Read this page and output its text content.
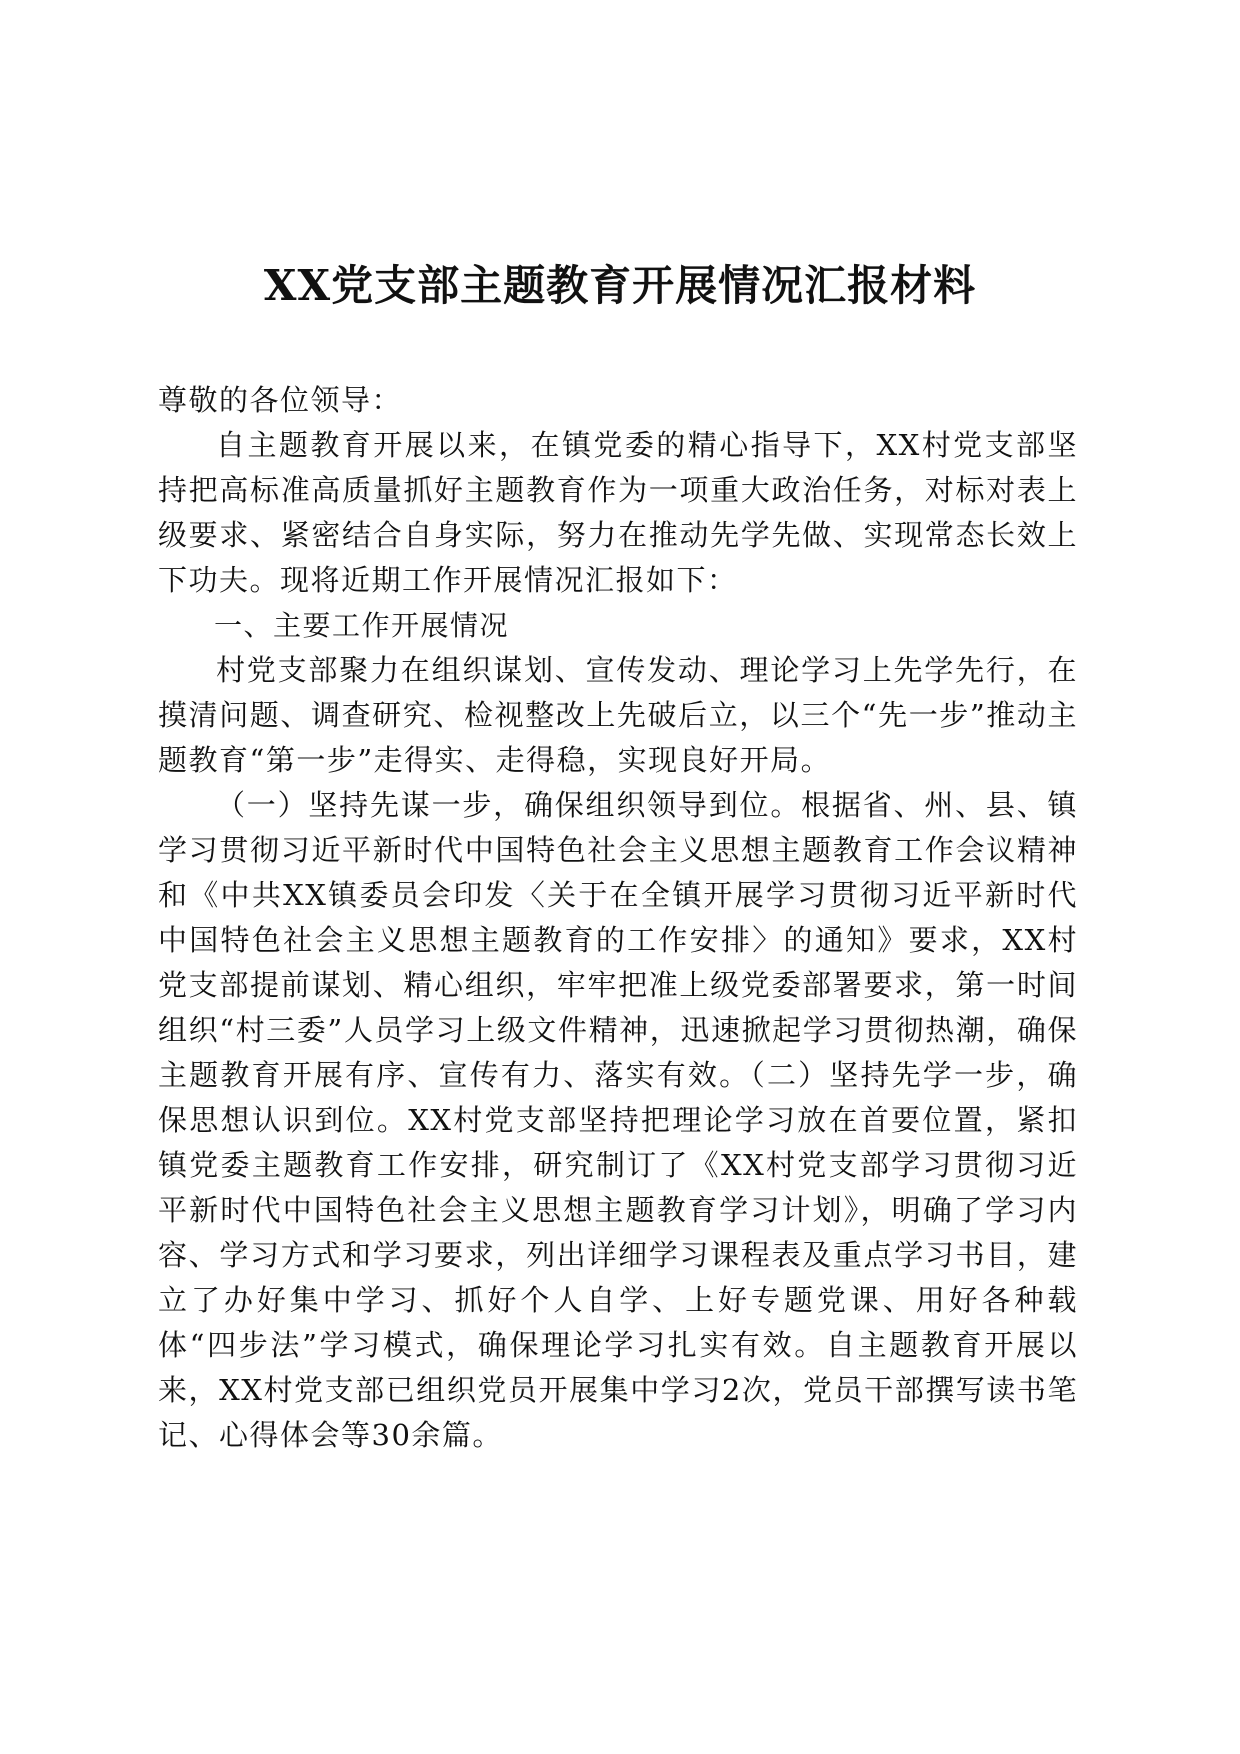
XX党支部主题教育开展情况汇报材料

尊敬的各位领导：

自主题教育开展以来，在镇党委的精心指导下，XX村党支部坚持把高标准高质量抓好主题教育作为一项重大政治任务，对标对表上级要求、紧密结合自身实际，努力在推动先学先做、实现常态长效上下功夫。现将近期工作开展情况汇报如下：

一、主要工作开展情况

村党支部聚力在组织谋划、宣传发动、理论学习上先学先行，在摸清问题、调查研究、检视整改上先破后立，以三个“先一步”推动主题教育“第一步”走得实、走得稳，实现良好开局。

（一）坚持先谋一步，确保组织领导到位。根据省、州、县、镇学习贯彻习近平新时代中国特色社会主义思想主题教育工作会议精神和《中共XX镇委员会印发〈关于在全镇开展学习贯彻习近平新时代中国特色社会主义思想主题教育的工作安排〉的通知》要求，XX村党支部提前谋划、精心组织，牢牢把准上级党委部署要求，第一时间组织“村三委”人员学习上级文件精神，迅速掀起学习贯彻热潮，确保主题教育开展有序、宣传有力、落实有效。（二）坚持先学一步，确保思想认识到位。XX村党支部坚持把理论学习放在首要位置，紧扣镇党委主题教育工作安排，研究制订了《XX村党支部学习贯彻习近平新时代中国特色社会主义思想主题教育学习计划》，明确了学习内容、学习方式和学习要求，列出详细学习课程表及重点学习书目，建立了办好集中学习、抓好个人自学、上好专题党课、用好各种载体“四步法”学习模式，确保理论学习扎实有效。自主题教育开展以来，XX村党支部已组织党员开展集中学习2次，党员干部撰写读书笔记、心得体会等30余篇。
